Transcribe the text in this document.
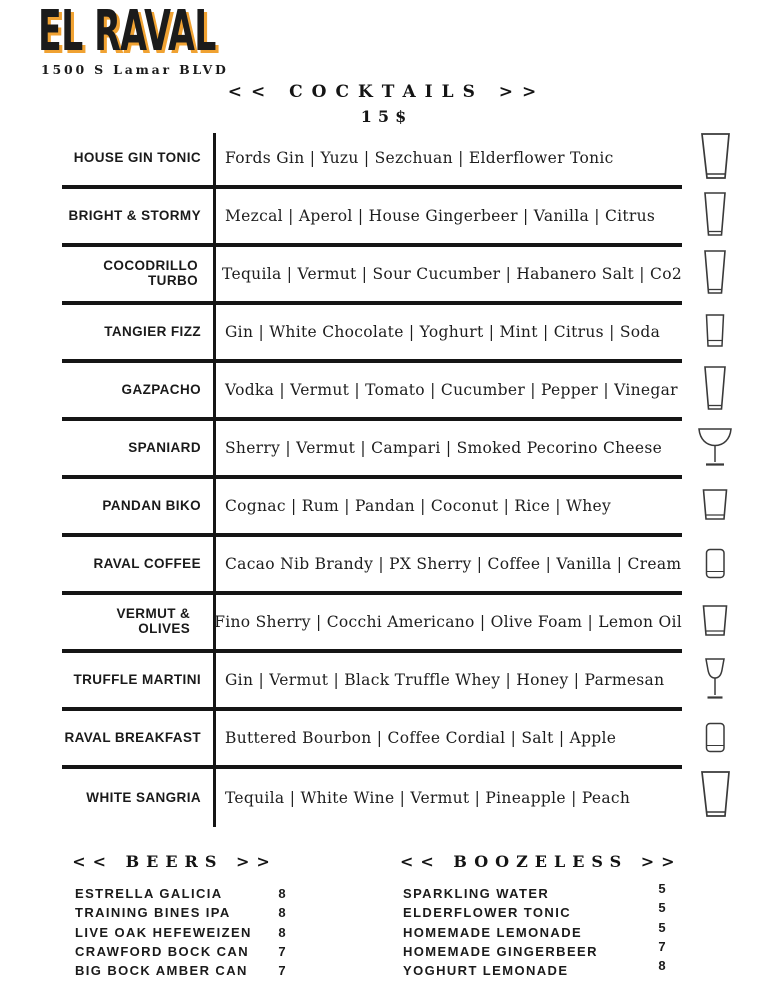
EL RAVAL
1500 S Lamar BLVD
<< COCKTAILS >>
15$
HOUSE GIN TONIC Fords Gin | Yuzu | Sezchuan | Elderflower Tonic
BRIGHT & STORMY Mezcal | Aperol | House Gingerbeer | Vanilla | Citrus
COCODRILLO TURBO Tequila | Vermut | Sour Cucumber | Habanero Salt | Co2
TANGIER FIZZ Gin | White Chocolate | Yoghurt | Mint | Citrus | Soda
GAZPACHO Vodka | Vermut | Tomato | Cucumber | Pepper | Vinegar
SPANIARD Sherry | Vermut | Campari | Smoked Pecorino Cheese
PANDAN BIKO Cognac | Rum | Pandan | Coconut | Rice | Whey
RAVAL COFFEE Cacao Nib Brandy | PX Sherry | Coffee | Vanilla | Cream
VERMUT & OLIVES Fino Sherry | Cocchi Americano | Olive Foam | Lemon Oil
TRUFFLE MARTINI Gin | Vermut | Black Truffle Whey | Honey | Parmesan
RAVAL BREAKFAST Buttered Bourbon | Coffee Cordial | Salt | Apple
WHITE SANGRIA Tequila | White Wine | Vermut | Pineapple | Peach
<< BEERS >>
ESTRELLA GALICIA	8
TRAINING BINES IPA	8
LIVE OAK HEFEWEIZEN 8
CRAWFORD BOCK CAN 7
BIG BOCK AMBER CAN 7
<< BOOZELESS >>
SPARKLING WATER	5
ELDERFLOWER TONIC	5
HOMEMADE LEMONADE	5
HOMEMADE GINGERBEER	7
YOGHURT LEMONADE	8
